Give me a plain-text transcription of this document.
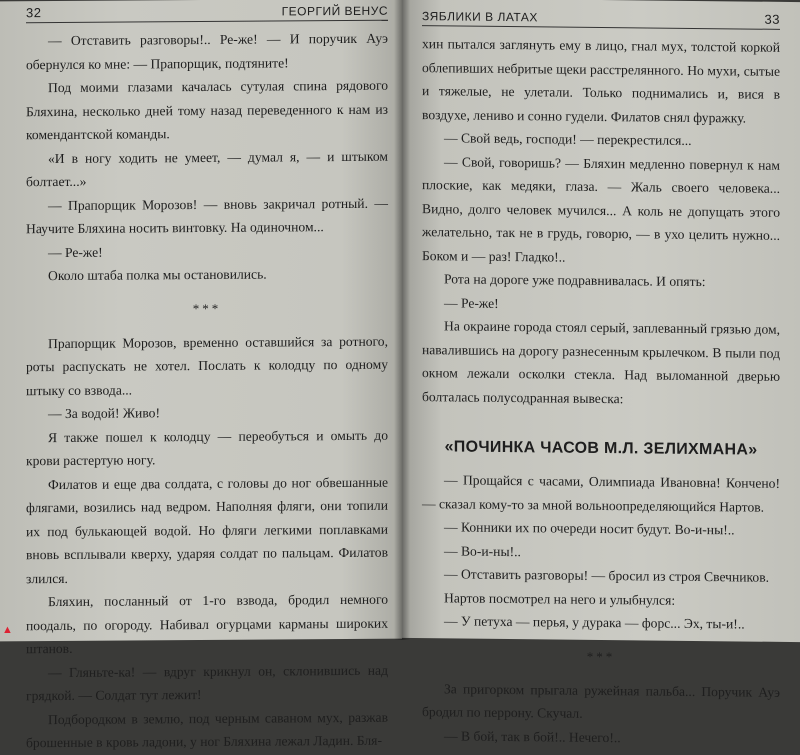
32	ГЕОРГИЙ ВЕНУС

— Отставить разговоры!.. Ре-же! — И поручик Ауэ обернулся ко мне: — Прапорщик, подтяните!

Под моими глазами качалась сутулая спина рядового Бляхина, несколько дней тому назад переведенного к нам из комендантской команды.

«И в ногу ходить не умеет, — думал я, — и штыком болтает...»

— Прапорщик Морозов! — вновь закричал ротный. — Научите Бляхина носить винтовку. На одиночном...

— Ре-же!

Около штаба полка мы остановились.

***

Прапорщик Морозов, временно оставшийся за ротного, роты распускать не хотел. Послать к колодцу по одному штыку со взвода...

— За водой! Живо!

Я также пошел к колодцу — переобуться и омыть до крови растертую ногу.

Филатов и еще два солдата, с головы до ног обвешанные флягами, возились над ведром. Наполняя фляги, они топили их под булькающей водой. Но фляги легкими поплавками вновь всплывали кверху, ударяя солдат по пальцам. Филатов злился.

Бляхин, посланный от 1-го взвода, бродил немного поодаль, по огороду. Набивал огурцами карманы широких штанов.

— Гляньте-ка! — вдруг крикнул он, склонившись над грядкой. — Солдат тут лежит!

Подбородком в землю, под черным саваном мух, разжав брошенные в кровь ладони, у ног Бляхина лежал Ладин. Бля-

ЗЯБЛИКИ В ЛАТАХ	33

хин пытался заглянуть ему в лицо, гнал мух, толстой коркой облепивших небритые щеки расстрелянного. Но мухи, сытые и тяжелые, не улетали. Только поднимались и, вися в воздухе, лениво и сонно гудели. Филатов снял фуражку.

— Свой ведь, господи! — перекрестился...

— Свой, говоришь? — Бляхин медленно повернул к нам плоские, как медяки, глаза. — Жаль своего человека... Видно, долго человек мучился... А коль не допущать этого желательно, так не в грудь, говорю, — в ухо целить нужно... Боком и — раз! Гладко!..

Рота на дороге уже подравнивалась. И опять:

— Ре-же!

На окраине города стоял серый, заплеванный грязью дом, навалившись на дорогу разнесенным крылечком. В пыли под окном лежали осколки стекла. Над выломанной дверью болталась полусодранная вывеска:

«ПОЧИНКА ЧАСОВ М.Л. ЗЕЛИХМАНА»

— Прощайся с часами, Олимпиада Ивановна! Кончено! — сказал кому-то за мной вольноопределяющийся Нартов.

— Конники их по очереди носит будут. Во-и-ны!..

— Во-и-ны!..

— Отставить разговоры! — бросил из строя Свечников.

Нартов посмотрел на него и улыбнулся:

— У петуха — перья, у дурака — форс... Эх, ты-и!..

***

За пригорком прыгала ружейная пальба... Поручик Ауэ бродил по перрону. Скучал.

— В бой, так в бой!.. Нечего!..

▲
